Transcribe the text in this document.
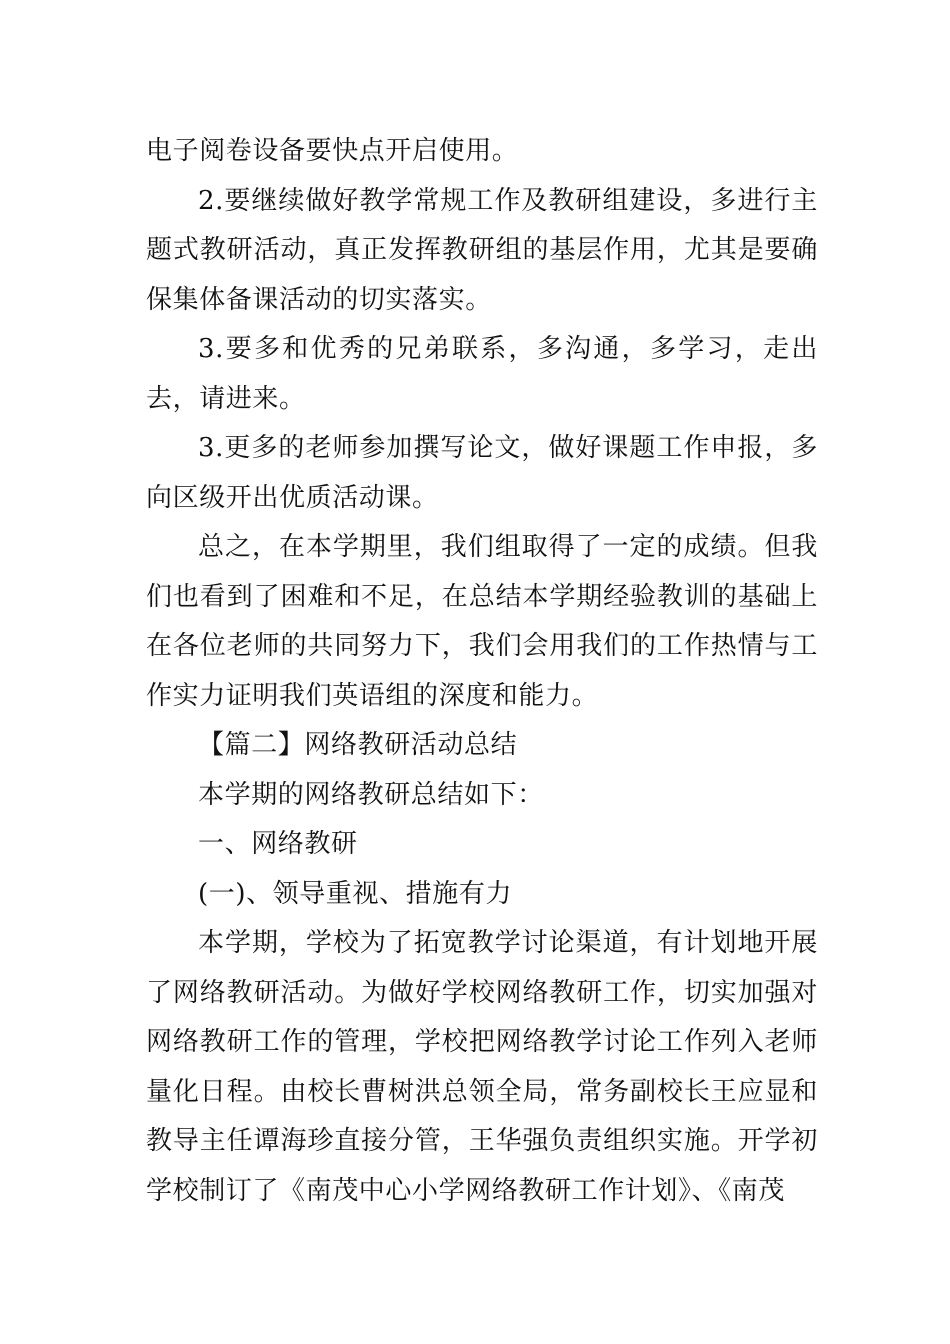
电子阅卷设备要快点开启使用。

2.要继续做好教学常规工作及教研组建设，多进行主题式教研活动，真正发挥教研组的基层作用，尤其是要确保集体备课活动的切实落实。

3.要多和优秀的兄弟联系，多沟通，多学习，走出去，请进来。

3.更多的老师参加撰写论文，做好课题工作申报，多向区级开出优质活动课。

总之，在本学期里，我们组取得了一定的成绩。但我们也看到了困难和不足，在总结本学期经验教训的基础上在各位老师的共同努力下，我们会用我们的工作热情与工作实力证明我们英语组的深度和能力。

【篇二】网络教研活动总结

本学期的网络教研总结如下：

一、网络教研

(一)、领导重视、措施有力

本学期，学校为了拓宽教学讨论渠道，有计划地开展了网络教研活动。为做好学校网络教研工作，切实加强对网络教研工作的管理，学校把网络教学讨论工作列入老师量化日程。由校长曹树洪总领全局，常务副校长王应显和教导主任谭海珍直接分管，王华强负责组织实施。开学初学校制订了《南茂中心小学网络教研工作计划》、《南茂
